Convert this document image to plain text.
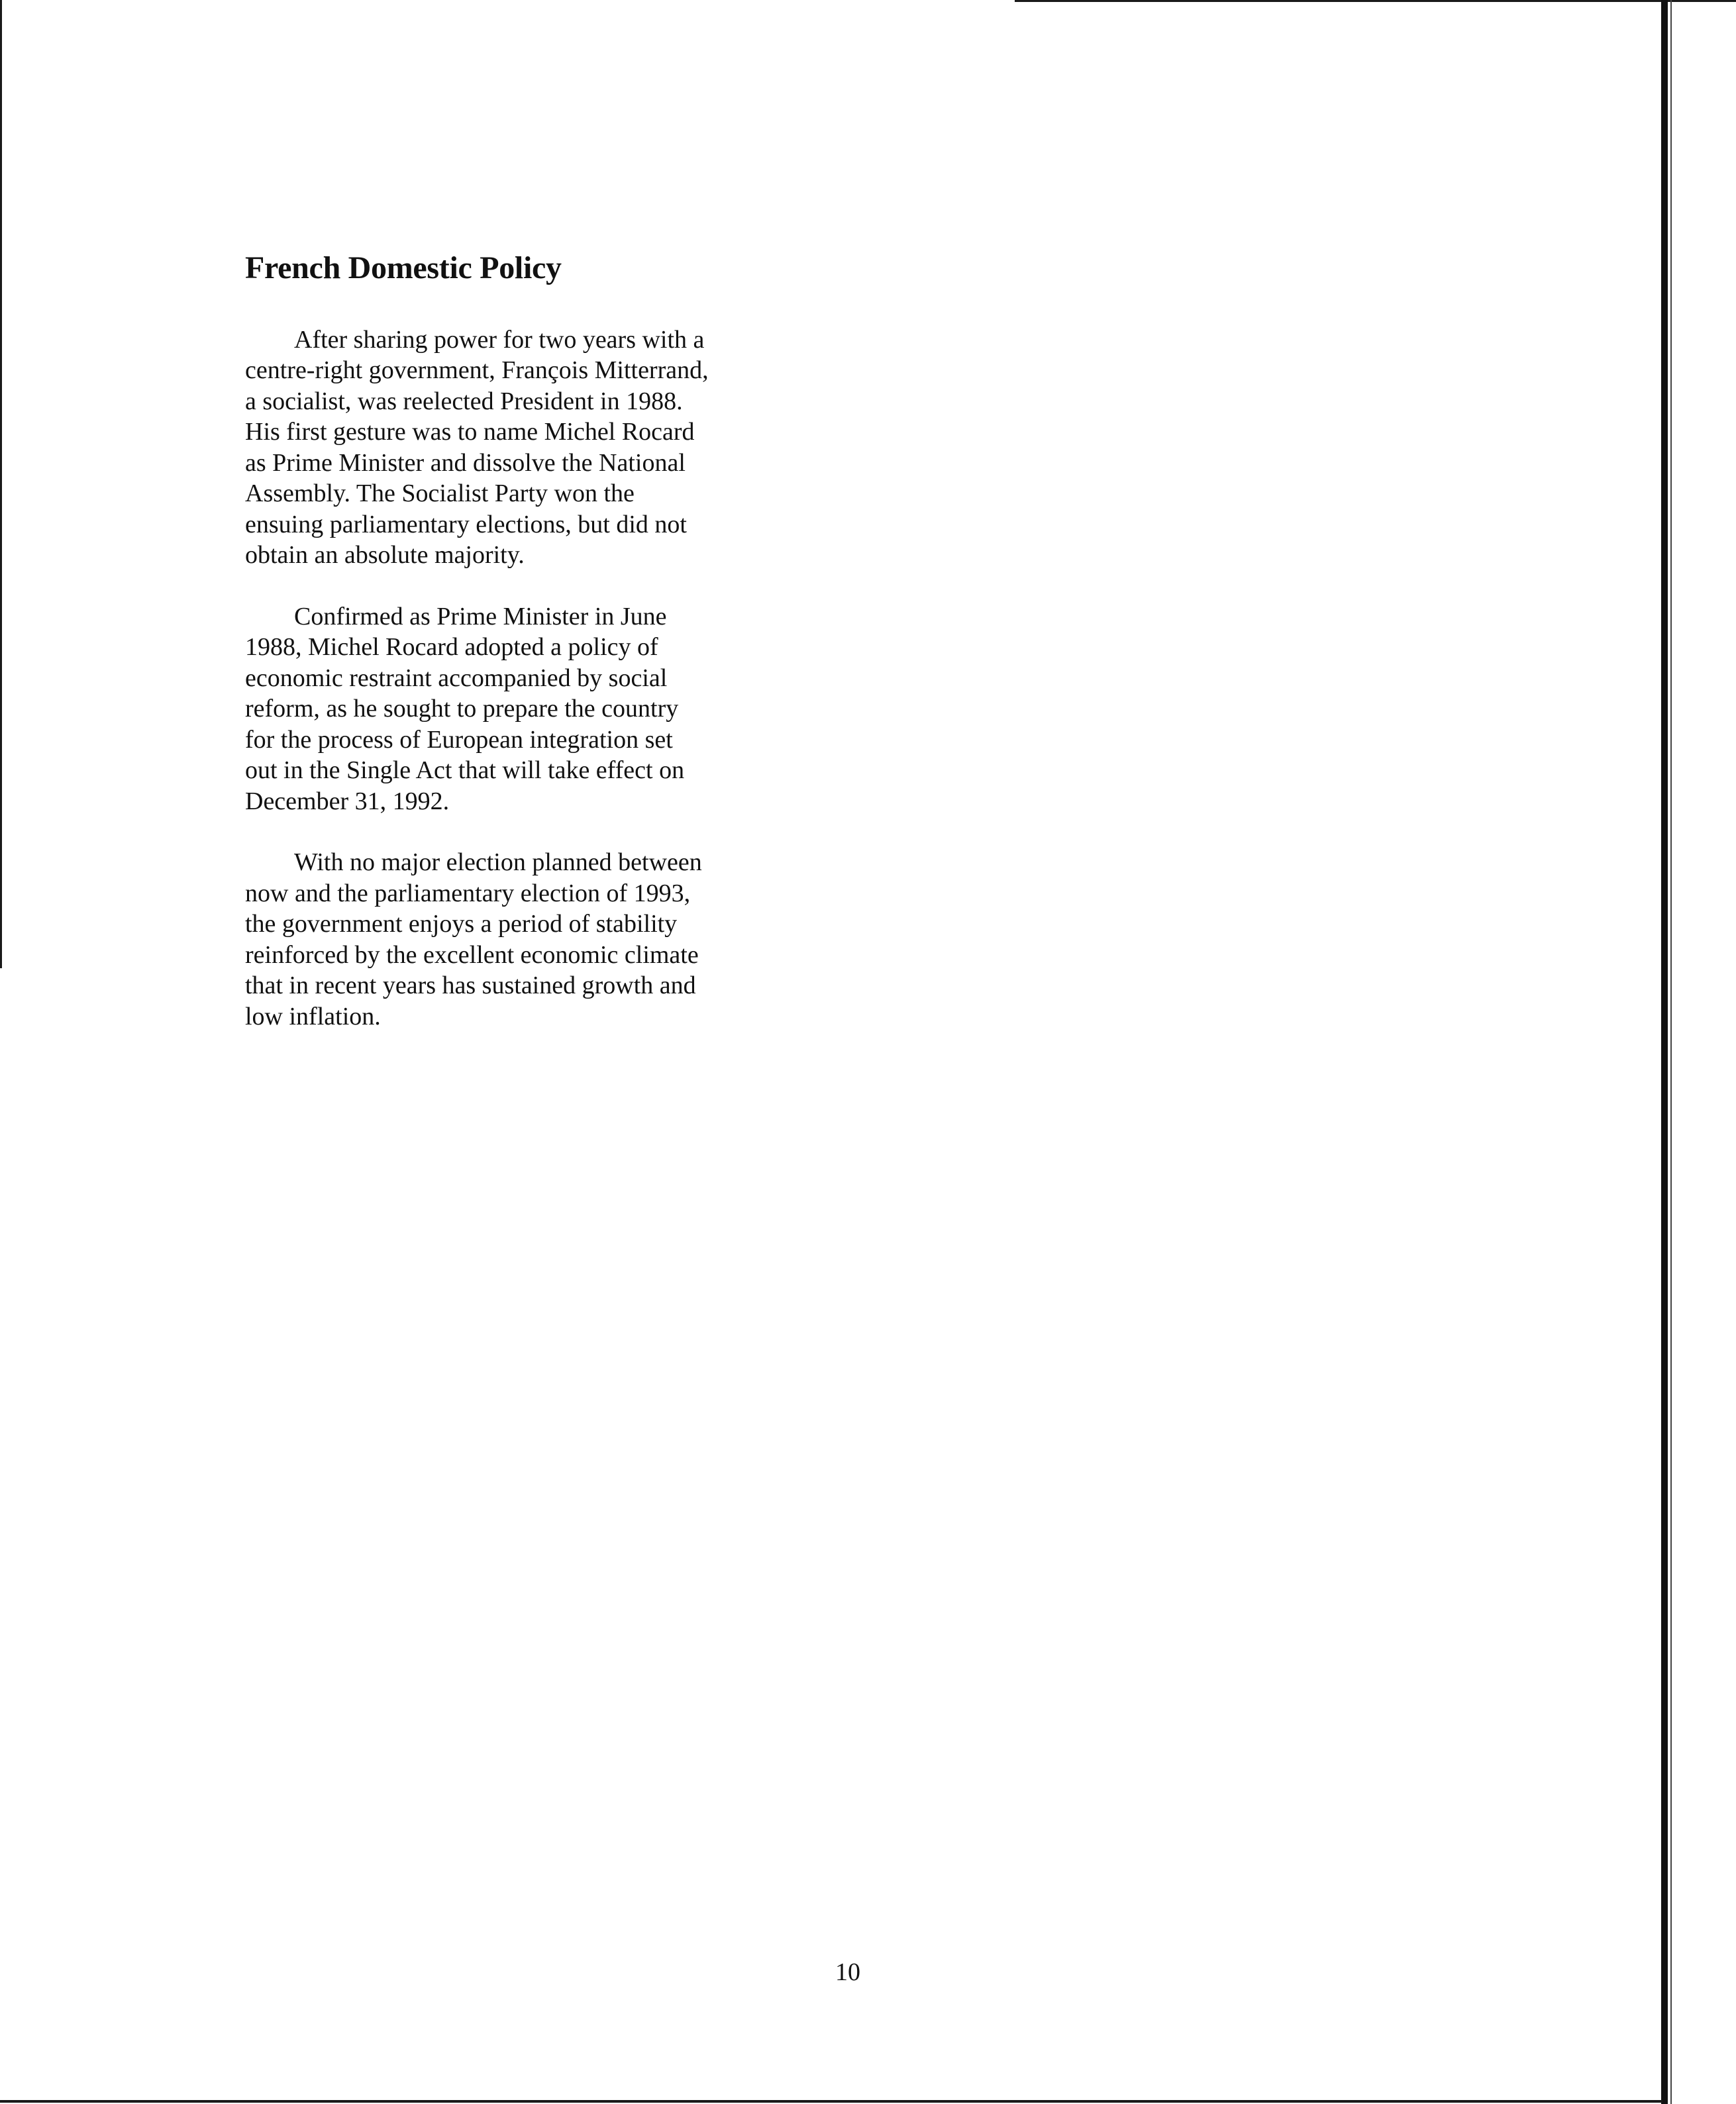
French Domestic Policy

After sharing power for two years with a
centre-right government, François Mitterrand,
a socialist, was reelected President in 1988.
His first gesture was to name Michel Rocard
as Prime Minister and dissolve the National
Assembly. The Socialist Party won the
ensuing parliamentary elections, but did not
obtain an absolute majority.

Confirmed as Prime Minister in June
1988, Michel Rocard adopted a policy of
economic restraint accompanied by social
reform, as he sought to prepare the country
for the process of European integration set
out in the Single Act that will take effect on
December 31, 1992.

With no major election planned between
now and the parliamentary election of 1993,
the government enjoys a period of stability
reinforced by the excellent economic climate
that in recent years has sustained growth and
low inflation.

10
